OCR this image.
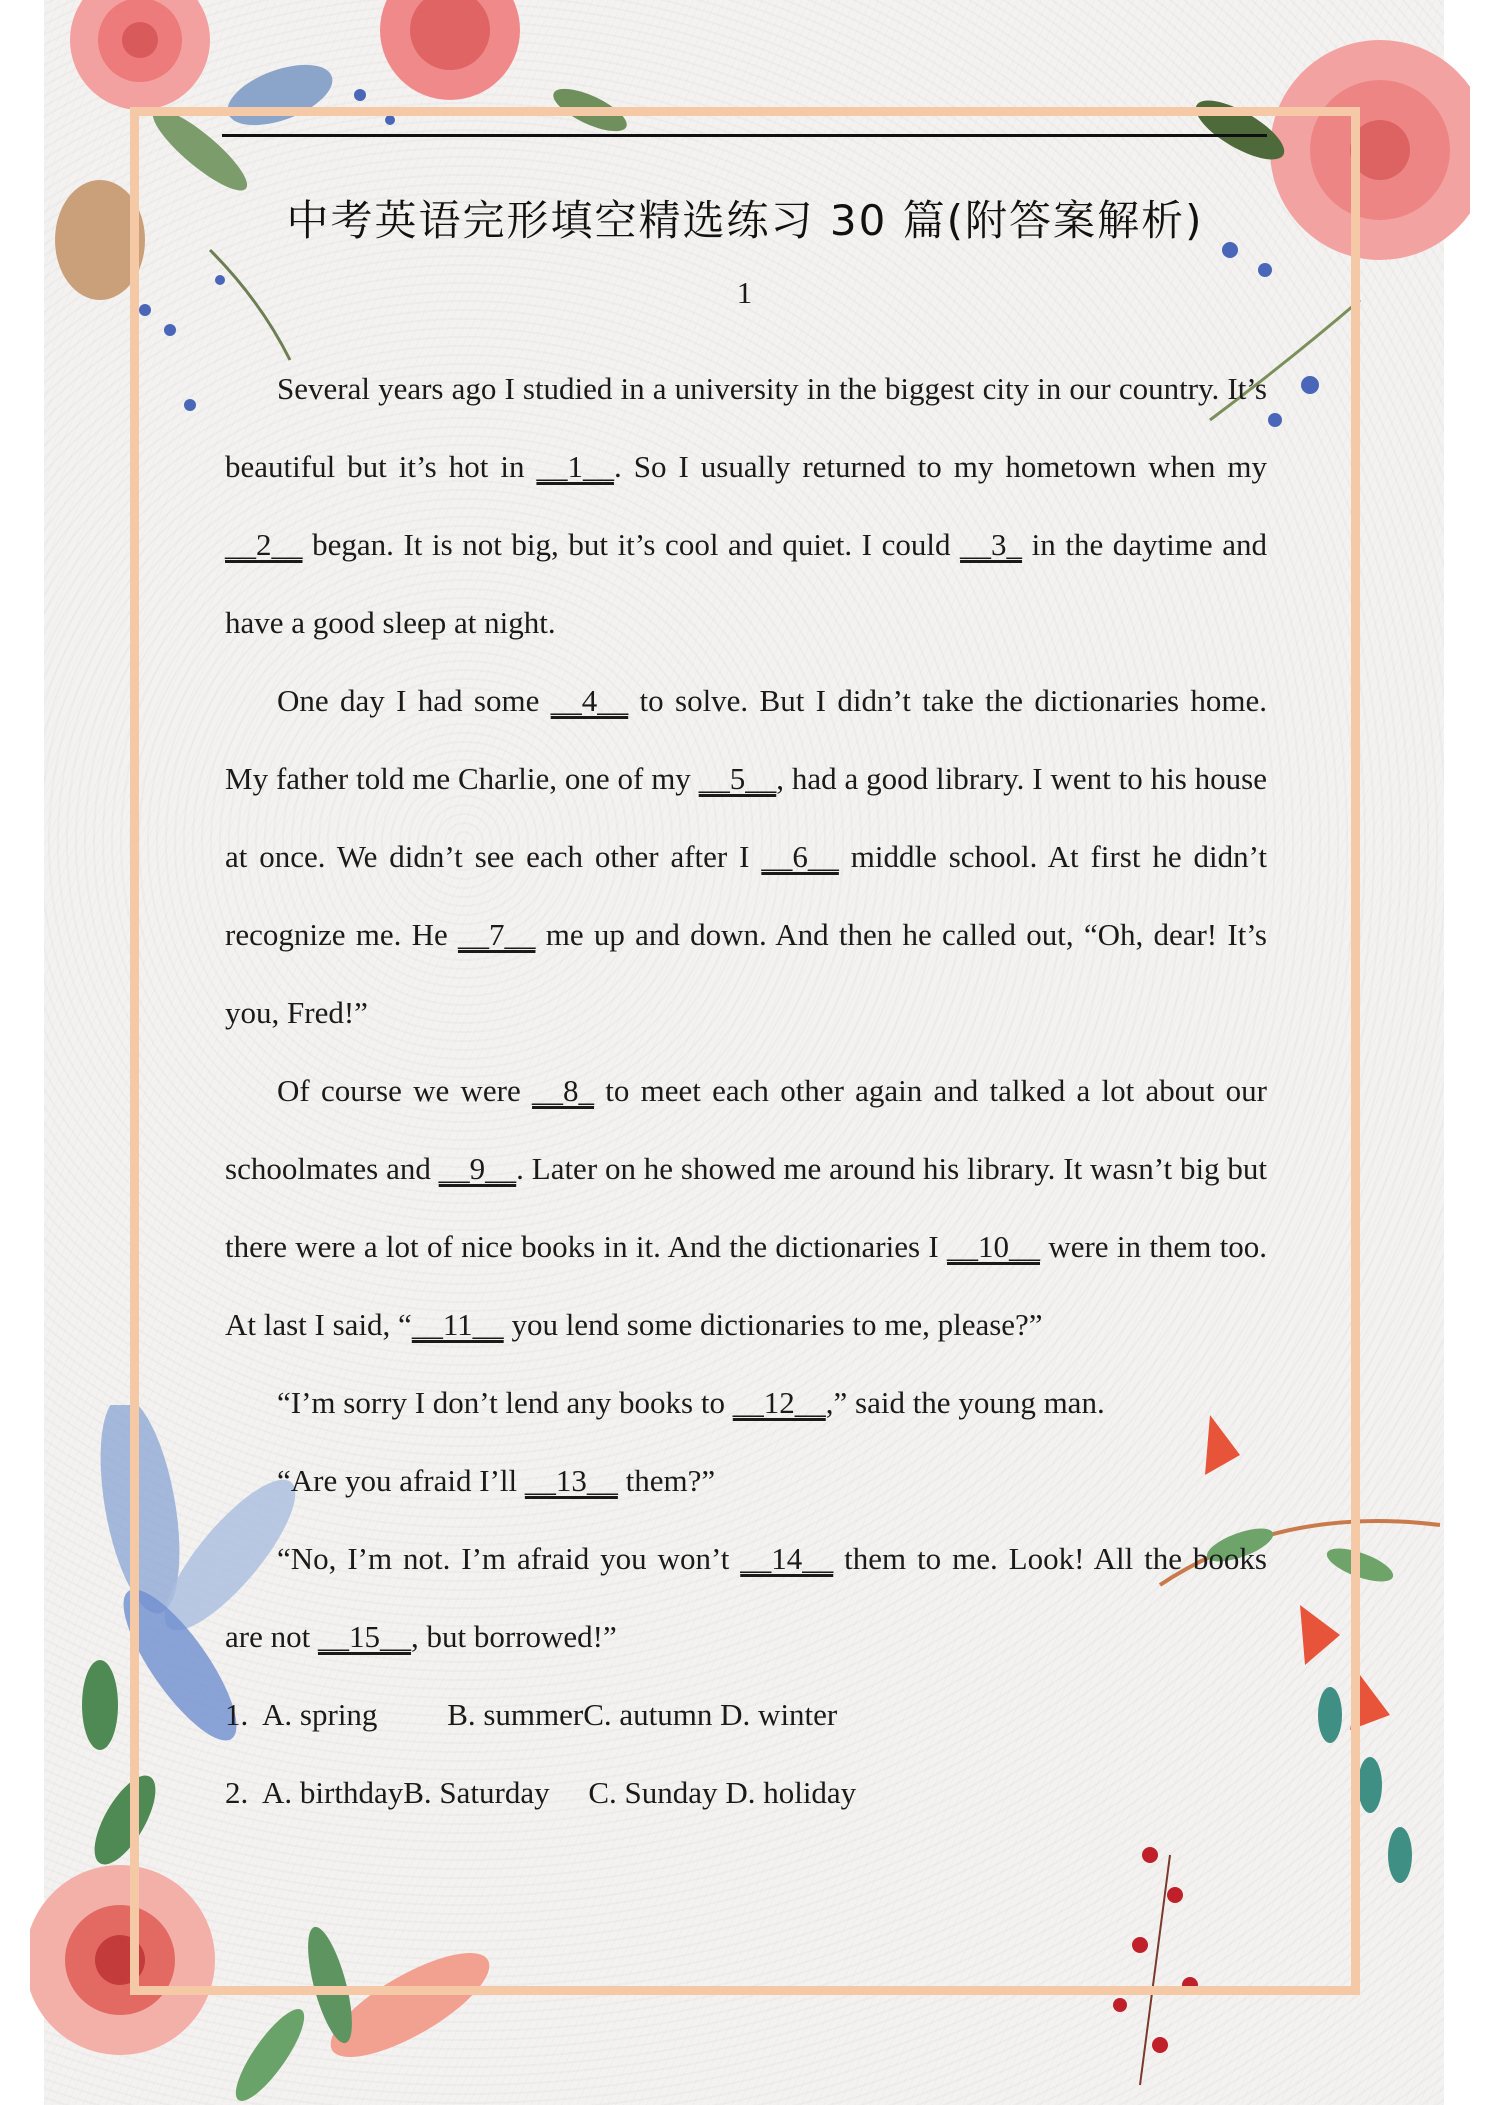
中考英语完形填空精选练习 30 篇(附答案解析)
1

Several years ago I studied in a university in the biggest city in our country. It’s beautiful but it’s hot in __1__. So I usually returned to my hometown when my __2__ began. It is not big, but it’s cool and quiet. I could __3_ in the daytime and have a good sleep at night.

One day I had some __4__ to solve. But I didn’t take the dictionaries home. My father told me Charlie, one of my __5__, had a good library. I went to his house at once. We didn’t see each other after I __6__ middle school. At first he didn’t recognize me. He __7__ me up and down. And then he called out, “Oh, dear! It’s you, Fred!”

Of course we were __8_ to meet each other again and talked a lot about our schoolmates and __9__. Later on he showed me around his library. It wasn’t big but there were a lot of nice books in it. And the dictionaries I __10__ were in them too. At last I said, “__11__ you lend some dictionaries to me, please?”

“I’m sorry I don’t lend any books to __12__,” said the young man.

“Are you afraid I’ll __13__ them?”

“No, I’m not. I’m afraid you won’t __14__ them to me. Look! All the books are not __15__, but borrowed!”

1. A. spring B. summerC. autumn D. winter

2. A. birthdayB. Saturday C. Sunday D. holiday
